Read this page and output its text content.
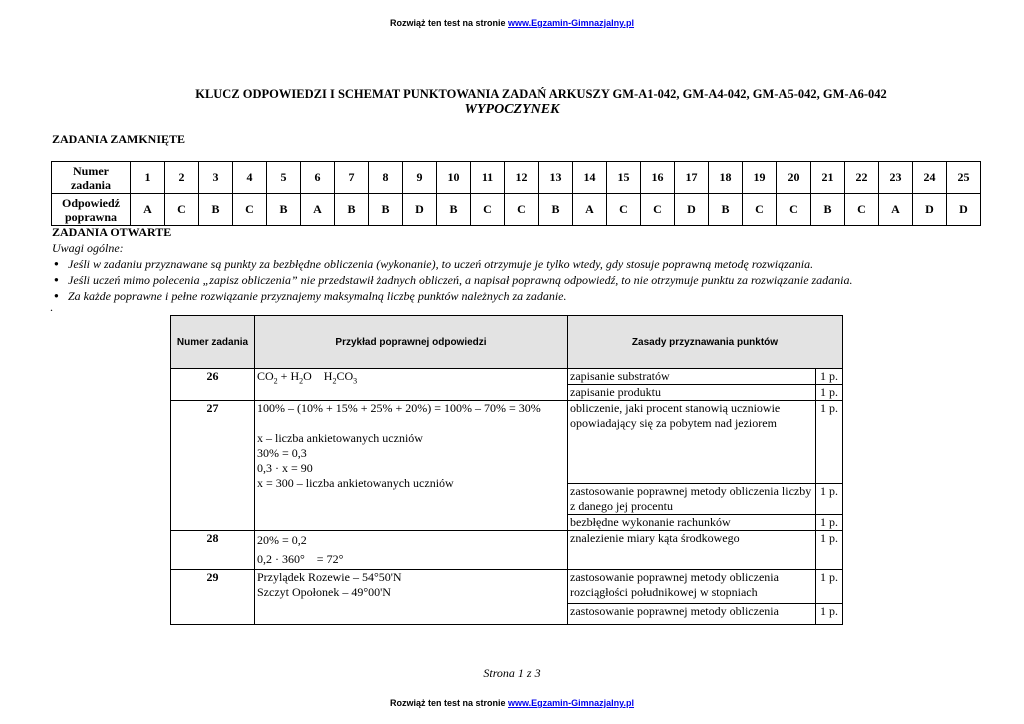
Rozwiąż ten test na stronie www.Egzamin-Gimnazjalny.pl
KLUCZ ODPOWIEDZI I SCHEMAT PUNKTOWANIA ZADAŃ ARKUSZY GM-A1-042, GM-A4-042, GM-A5-042, GM-A6-042
WYPOCZYNEK
ZADANIA ZAMKNIĘTE
Numer zadania	1	2	3	4	5	6	7	8	9	10	11	12	13	14	15	16	17	18	19	20	21	22	23	24	25
Odpowiedź poprawna	A	C	B	C	B	A	B	B	D	B	C	C	B	A	C	C	D	B	C	C	B	C	A	D	D
ZADANIA OTWARTE
Uwagi ogólne:
● Jeśli w zadaniu przyznawane są punkty za bezbłędne obliczenia (wykonanie), to uczeń otrzymuje je tylko wtedy, gdy stosuje poprawną metodę rozwiązania.
● Jeśli uczeń mimo polecenia „zapisz obliczenia” nie przedstawił żadnych obliczeń, a napisał poprawną odpowiedź, to nie otrzymuje punktu za rozwiązanie zadania.
● Za każde poprawne i pełne rozwiązanie przyznajemy maksymalną liczbę punktów należnych za zadanie.
.
Numer zadania	Przykład poprawnej odpowiedzi	Zasady przyznawania punktów	
26	$CO_2 + H_2O$    $H_2CO_3$	zapisanie substratów	1 p.
		zapisanie produktu	1 p.
27	100% – (10% + 15% + 25% + 20%) = 100% – 70% = 30%
x – liczba ankietowanych uczniów
30% = 0,3
0,3 · x = 90
x = 300 – liczba ankietowanych uczniów	obliczenie, jaki procent stanowią uczniowie opowiadający się za pobytem nad jeziorem	1 p.
		zastosowanie poprawnej metody obliczenia liczby z danego jej procentu	1 p.
		bezbłędne wykonanie rachunków	1 p.
28	20% = 0,2
0,2 · 360°    = 72°	znalezienie miary kąta środkowego	1 p.
29	Przylądek Rozewie – 54°50'N
Szczyt Opołonek – 49°00'N	zastosowanie poprawnej metody obliczenia rozciągłości południkowej w stopniach	1 p.
		zastosowanie poprawnej metody obliczenia	1 p.
Strona 1 z 3
Rozwiąż ten test na stronie www.Egzamin-Gimnazjalny.pl
